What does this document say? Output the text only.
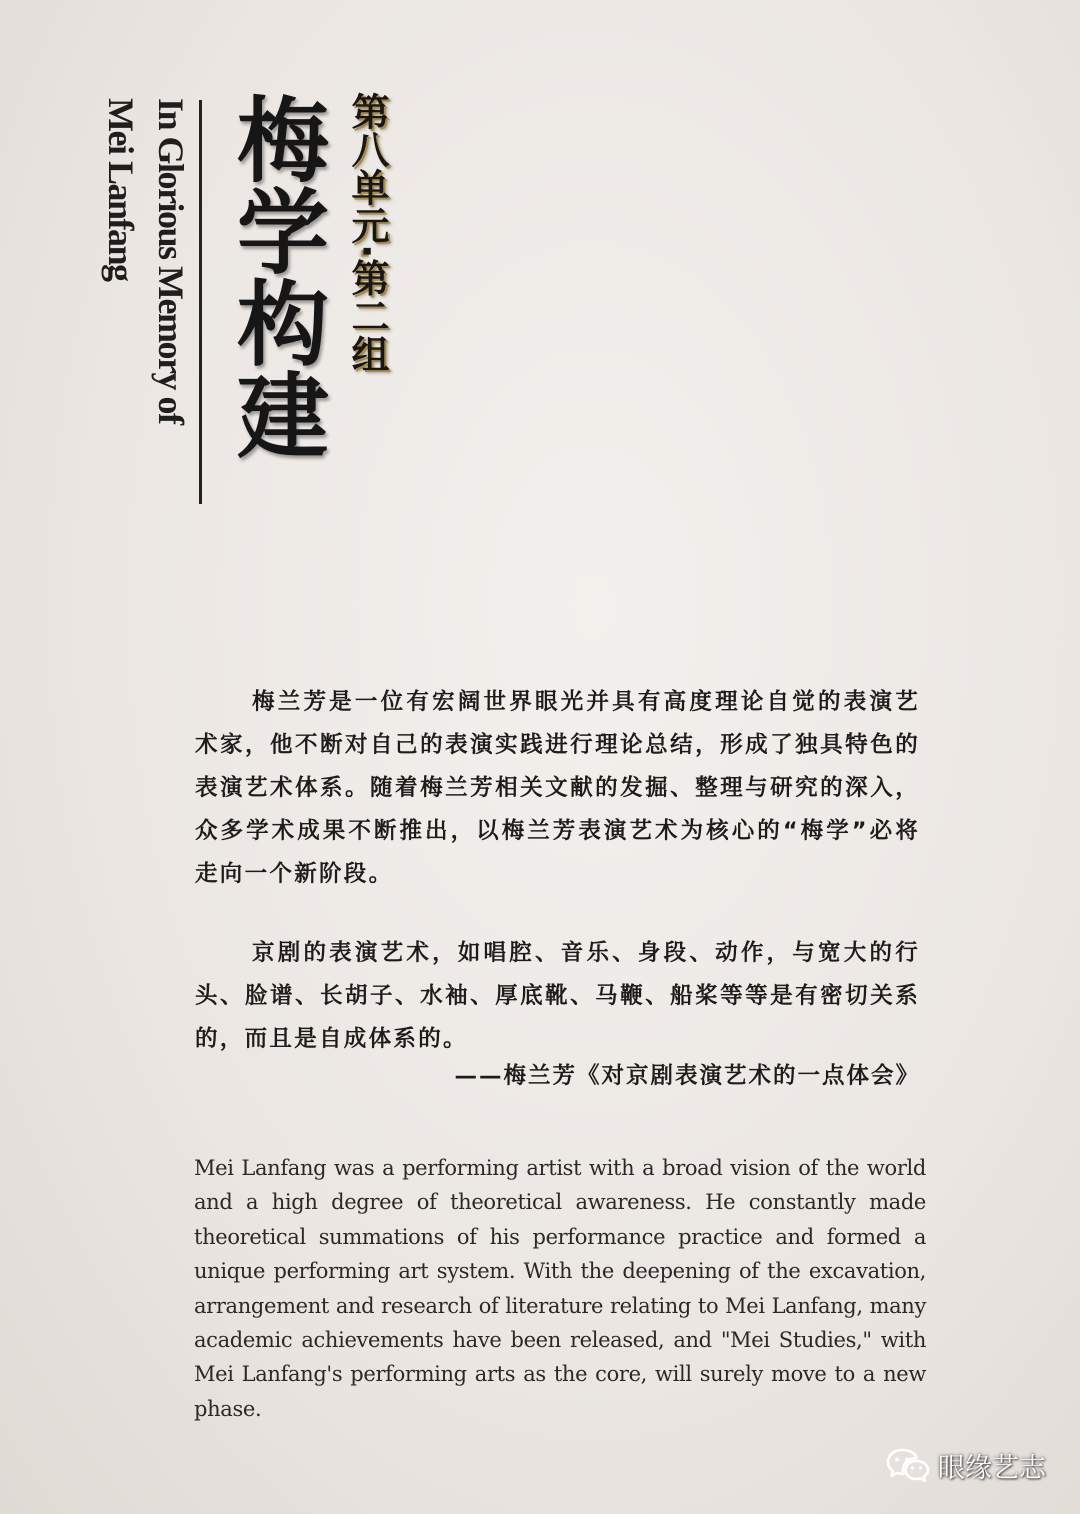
梅学构建 第八单元·第二组
In Glorious Memory of
Mei Lanfang

梅兰芳是一位有宏阔世界眼光并具有高度理论自觉的表演艺术家，他不断对自己的表演实践进行理论总结，形成了独具特色的表演艺术体系。随着梅兰芳相关文献的发掘、整理与研究的深入，众多学术成果不断推出，以梅兰芳表演艺术为核心的“梅学”必将走向一个新阶段。

京剧的表演艺术，如唱腔、音乐、身段、动作，与宽大的行头、脸谱、长胡子、水袖、厚底靴、马鞭、船桨等等是有密切关系的，而且是自成体系的。

——梅兰芳《对京剧表演艺术的一点体会》

Mei Lanfang was a performing artist with a broad vision of the world and a high degree of theoretical awareness. He constantly made theoretical summations of his performance practice and formed a unique performing art system. With the deepening of the excavation, arrangement and research of literature relating to Mei Lanfang, many academic achievements have been released, and "Mei Studies," with Mei Lanfang's performing arts as the core, will surely move to a new phase.

眼缘艺志
